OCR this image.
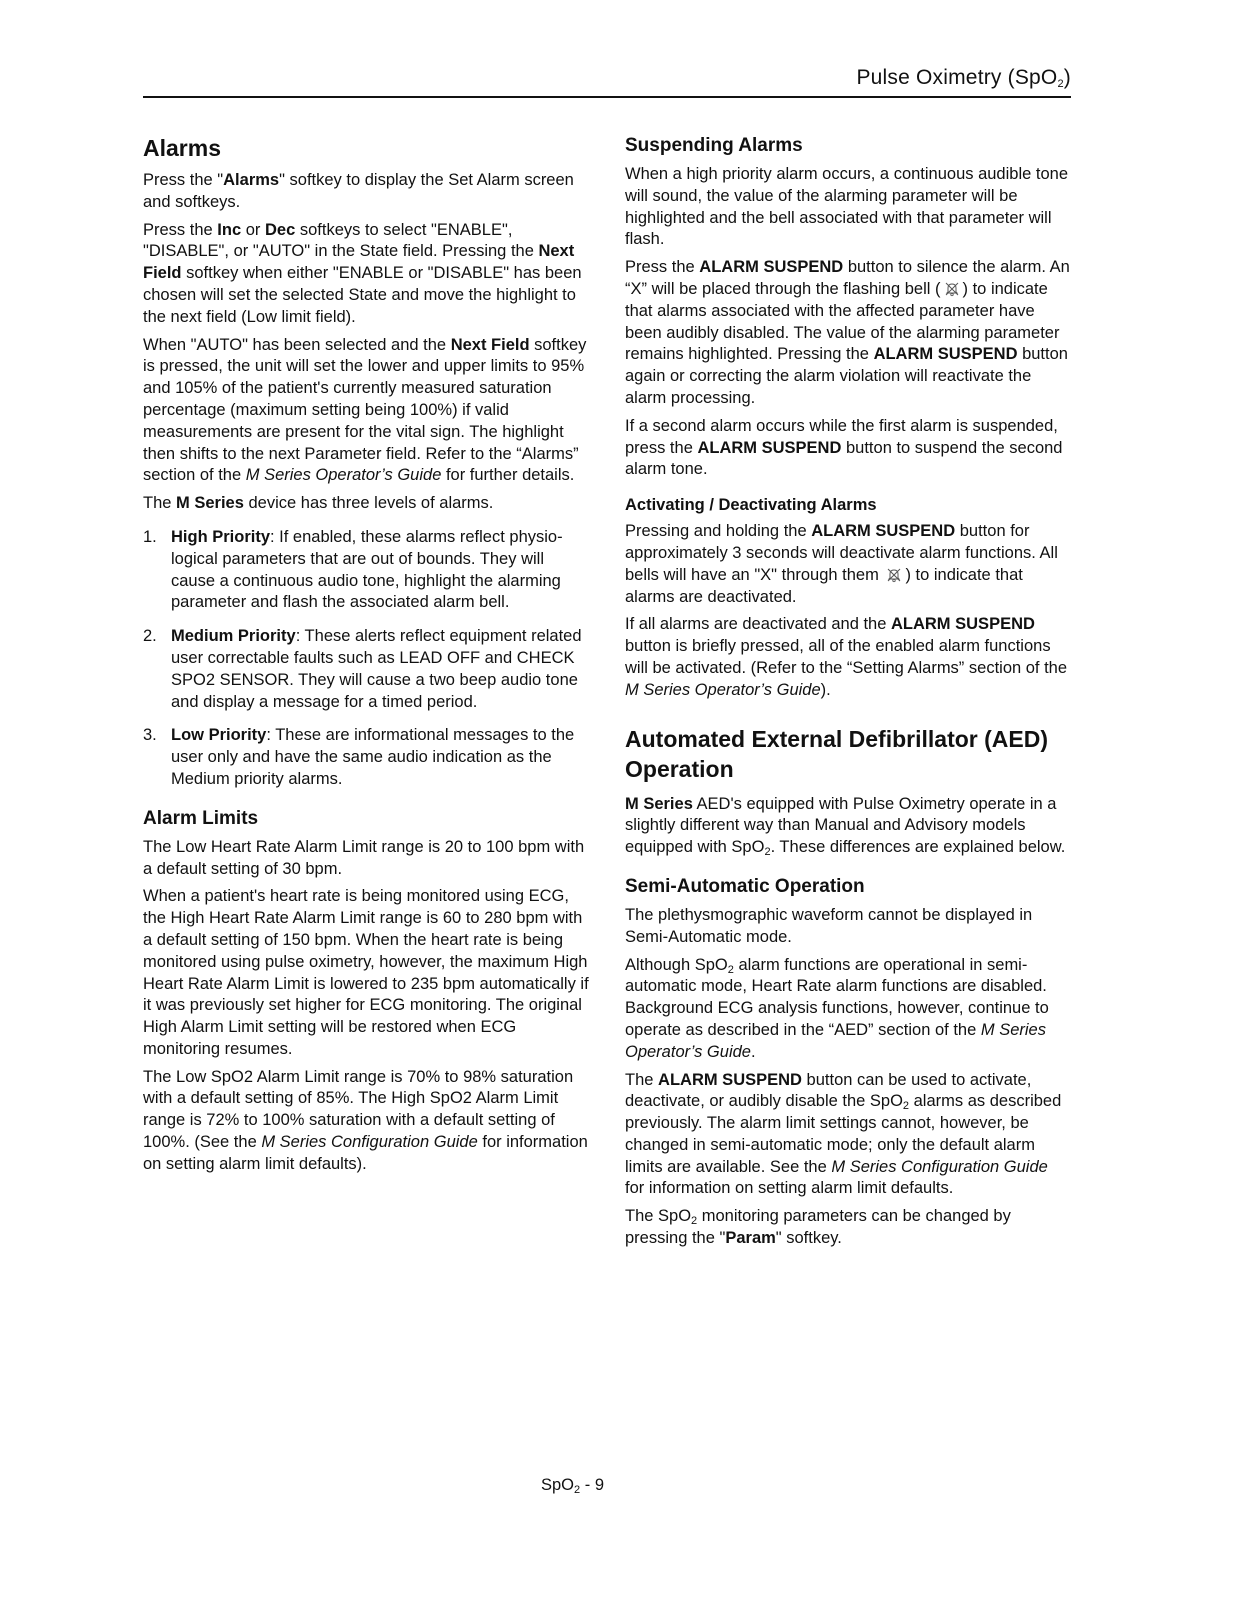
Pulse Oximetry (SpO$_2$)
Alarms

Press the "Alarms" softkey to display the Set Alarm screen and softkeys.

Press the Inc or Dec softkeys to select "ENABLE", "DISABLE", or "AUTO" in the State field. Pressing the Next Field softkey when either "ENABLE or "DISABLE" has been chosen will set the selected State and move the highlight to the next field (Low limit field).

When "AUTO" has been selected and the Next Field softkey is pressed, the unit will set the lower and upper limits to 95% and 105% of the patient's currently measured saturation percentage (maximum setting being 100%) if valid measurements are present for the vital sign. The highlight then shifts to the next Parameter field. Refer to the “Alarms” section of the M Series Operator’s Guide for further details.

The M Series device has three levels of alarms.

1. High Priority: If enabled, these alarms reflect physio-logical parameters that are out of bounds. They will cause a continuous audio tone, highlight the alarming parameter and flash the associated alarm bell.
2. Medium Priority: These alerts reflect equipment related user correctable faults such as LEAD OFF and CHECK SPO2 SENSOR. They will cause a two beep audio tone and display a message for a timed period.
3. Low Priority: These are informational messages to the user only and have the same audio indication as the Medium priority alarms.
Alarm Limits

The Low Heart Rate Alarm Limit range is 20 to 100 bpm with a default setting of 30 bpm.

When a patient's heart rate is being monitored using ECG, the High Heart Rate Alarm Limit range is 60 to 280 bpm with a default setting of 150 bpm. When the heart rate is being monitored using pulse oximetry, however, the maximum High Heart Rate Alarm Limit is lowered to 235 bpm automatically if it was previously set higher for ECG monitoring. The original High Alarm Limit setting will be restored when ECG monitoring resumes.

The Low SpO2 Alarm Limit range is 70% to 98% saturation with a default setting of 85%. The High SpO2 Alarm Limit range is 72% to 100% saturation with a default setting of 100%. (See the M Series Configuration Guide for information on setting alarm limit defaults).

Suspending Alarms

When a high priority alarm occurs, a continuous audible tone will sound, the value of the alarming parameter will be highlighted and the bell associated with that parameter will flash.

Press the ALARM SUSPEND button to silence the alarm. An “X” will be placed through the flashing bell ( ) to indicate that alarms associated with the affected parameter have been audibly disabled. The value of the alarming parameter remains highlighted. Pressing the ALARM SUSPEND button again or correcting the alarm violation will reactivate the alarm processing.

If a second alarm occurs while the first alarm is suspended, press the ALARM SUSPEND button to suspend the second alarm tone.

Activating / Deactivating Alarms

Pressing and holding the ALARM SUSPEND button for approximately 3 seconds will deactivate alarm functions. All bells will have an "X" through them ) to indicate that alarms are deactivated.

If all alarms are deactivated and the ALARM SUSPEND button is briefly pressed, all of the enabled alarm functions will be activated. (Refer to the “Setting Alarms” section of the M Series Operator’s Guide).

Automated External Defibrillator (AED) Operation

M Series AED's equipped with Pulse Oximetry operate in a slightly different way than Manual and Advisory models equipped with SpO$_2$. These differences are explained below.

Semi-Automatic Operation

The plethysmographic waveform cannot be displayed in Semi-Automatic mode.

Although SpO$_2$ alarm functions are operational in semi-automatic mode, Heart Rate alarm functions are disabled. Background ECG analysis functions, however, continue to operate as described in the “AED” section of the M Series Operator’s Guide.

The ALARM SUSPEND button can be used to activate, deactivate, or audibly disable the SpO$_2$ alarms as described previously. The alarm limit settings cannot, however, be changed in semi-automatic mode; only the default alarm limits are available. See the M Series Configuration Guide for information on setting alarm limit defaults.

The SpO$_2$ monitoring parameters can be changed by pressing the "Param" softkey.

SpO$_2$ - 9
